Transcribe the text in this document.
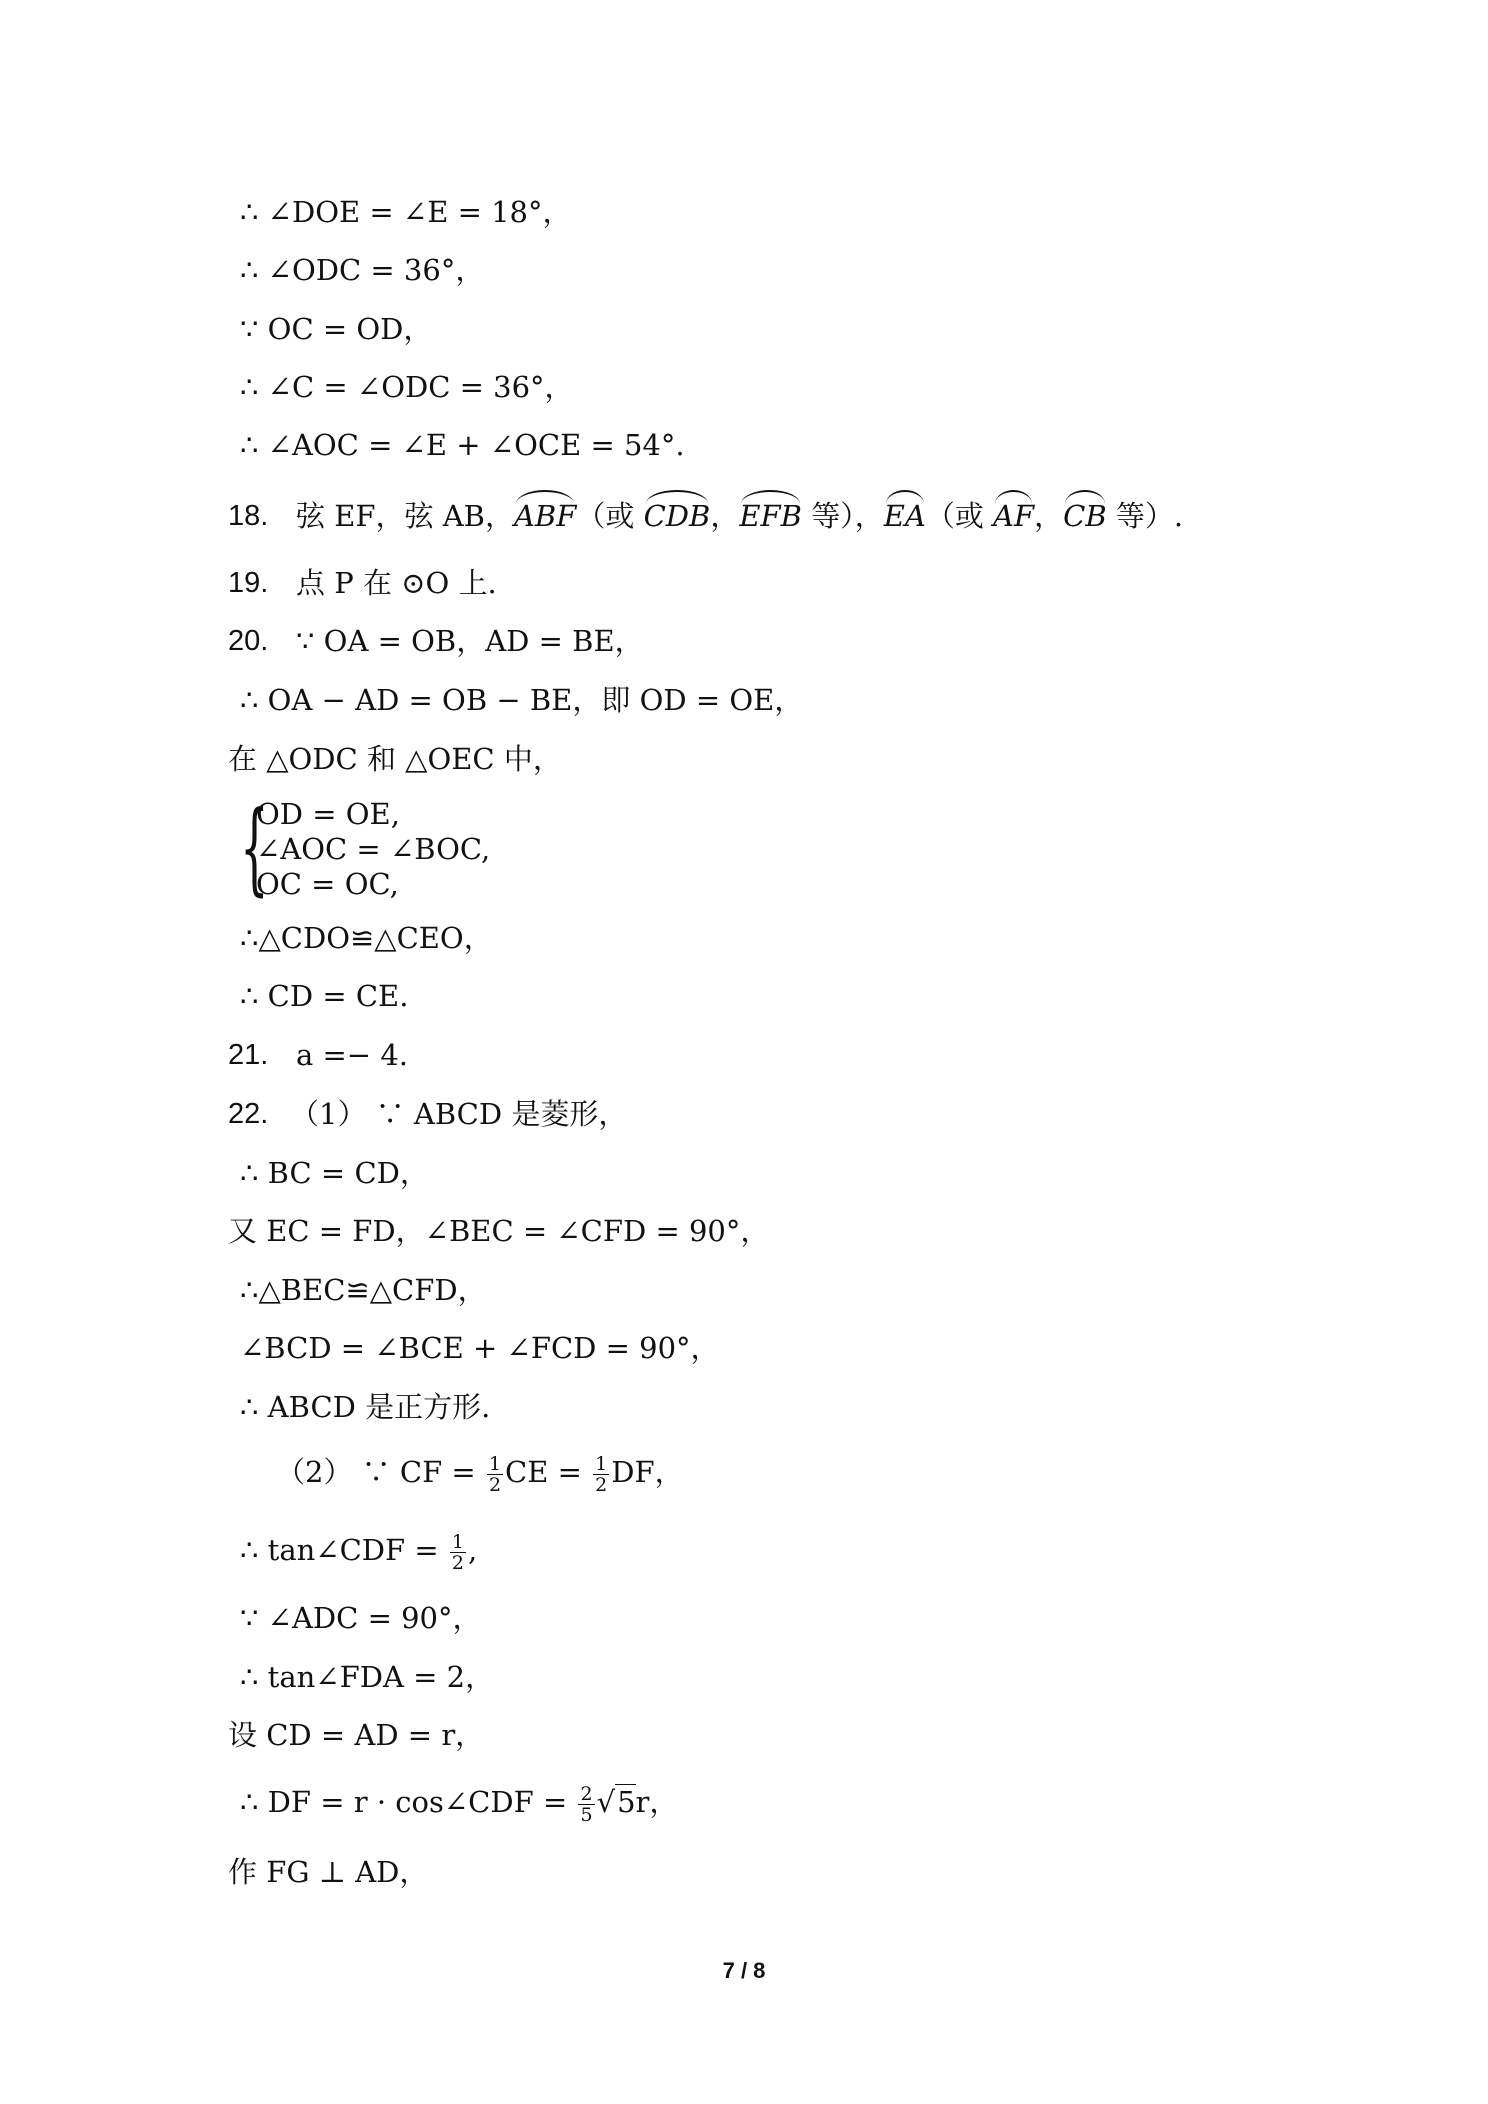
∴ ∠DOE = ∠E = 18°，
∴ ∠ODC = 36°，
∵ OC = OD，
∴ ∠C = ∠ODC = 36°，
∴ ∠AOC = ∠E + ∠OCE = 54°.
18. 弦 EF，弦 AB，ABF（或 CDB，EFB 等），EA（或 AF，CB 等）.
19. 点 P 在 ⊙O 上.
20. ∵ OA = OB，AD = BE，
∴ OA − AD = OB − BE，即 OD = OE，
在 △ODC 和 △OEC 中，
{
OD = OE,
∠AOC = ∠BOC,
OC = OC,
∴△CDO≌△CEO，
∴ CD = CE.
21. a =− 4.
22. （1） ∵ ABCD 是菱形，
∴ BC = CD，
又 EC = FD，∠BEC = ∠CFD = 90°，
∴△BEC≌△CFD，
∠BCD = ∠BCE + ∠FCD = 90°，
∴ ABCD 是正方形.
（2） ∵ CF = $\frac{1}{2}$ CE = $\frac{1}{2}$ DF，
∴ tan∠CDF = $\frac{1}{2}$ ,
∵ ∠ADC = 90°，
∴ tan∠FDA = 2，
设 CD = AD = r，
∴ DF = r · cos∠CDF = $\frac{2}{5} √5r$，
作 FG ⊥ AD，
7 / 8
